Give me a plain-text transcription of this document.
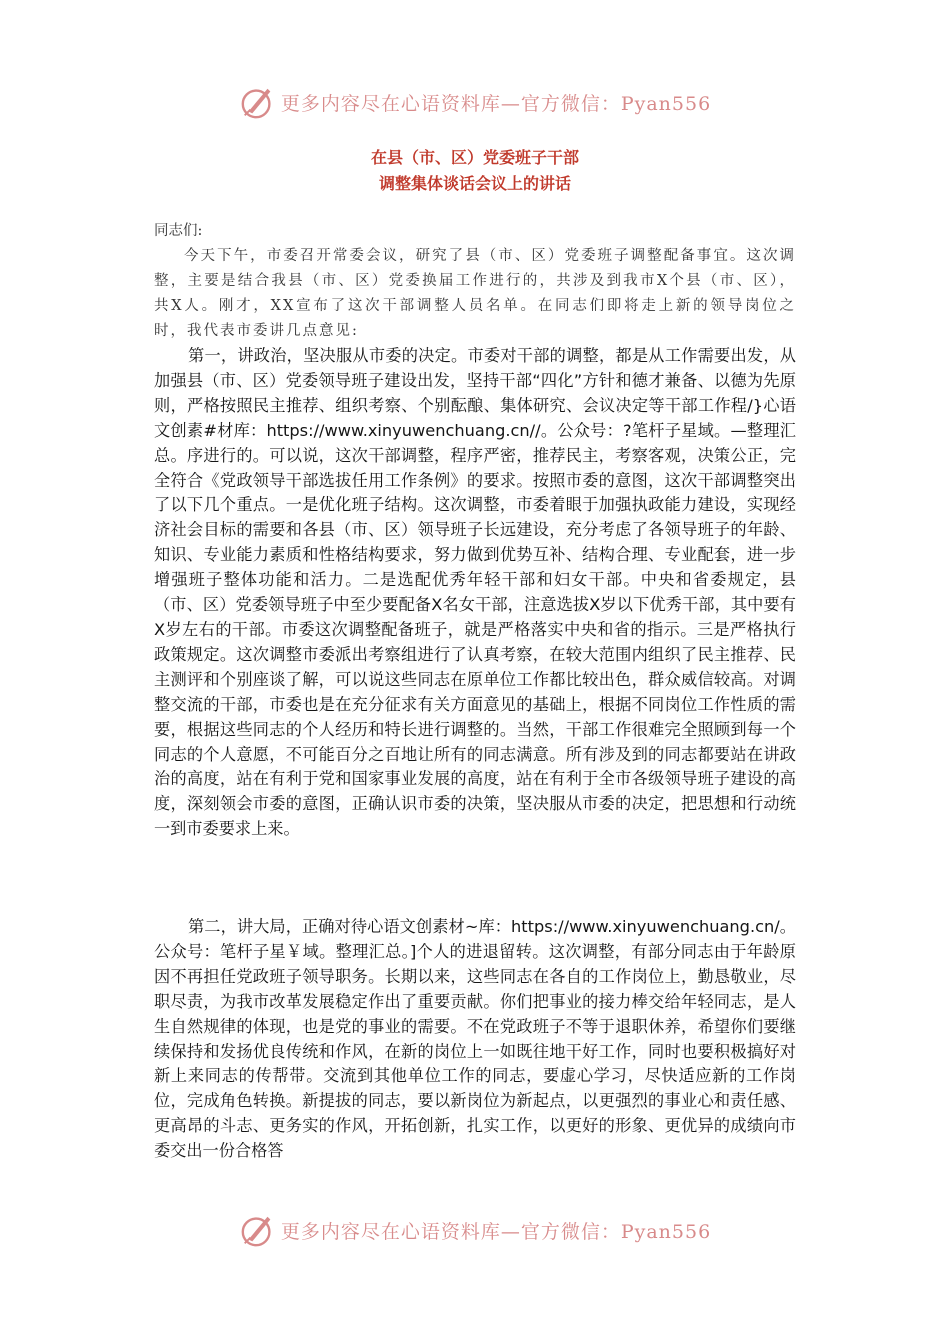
更多内容尽在心语资料库—官方微信：Pyan556
在县（市、区）党委班子干部
调整集体谈话会议上的讲话
同志们:
今天下午，市委召开常委会议，研究了县（市、区）党委班子调整配备事宜。这次调整，主要是结合我县（市、区）党委换届工作进行的，共涉及到我市X个县（市、区），共X人。刚才，XX宣布了这次干部调整人员名单。在同志们即将走上新的领导岗位之时，我代表市委讲几点意见:
第一，讲政治，坚决服从市委的决定。市委对干部的调整，都是从工作需要出发，从加强县（市、区）党委领导班子建设出发，坚持干部“四化”方针和德才兼备、以德为先原则，严格按照民主推荐、组织考察、个别酝酿、集体研究、会议决定等干部工作程/}心语文创素#材库：https://www.xinyuwenchuang.cn//。公众号：?笔杆子星域。—整理汇总。序进行的。可以说，这次干部调整，程序严密，推荐民主，考察客观，决策公正，完全符合《党政领导干部选拔任用工作条例》的要求。按照市委的意图，这次干部调整突出了以下几个重点。一是优化班子结构。这次调整，市委着眼于加强执政能力建设，实现经济社会目标的需要和各县（市、区）领导班子长远建设，充分考虑了各领导班子的年龄、知识、专业能力素质和性格结构要求，努力做到优势互补、结构合理、专业配套，进一步增强班子整体功能和活力。二是选配优秀年轻干部和妇女干部。中央和省委规定，县（市、区）党委领导班子中至少要配备X名女干部，注意选拔X岁以下优秀干部，其中要有X岁左右的干部。市委这次调整配备班子，就是严格落实中央和省的指示。三是严格执行政策规定。这次调整市委派出考察组进行了认真考察，在较大范围内组织了民主推荐、民主测评和个别座谈了解，可以说这些同志在原单位工作都比较出色，群众威信较高。对调整交流的干部，市委也是在充分征求有关方面意见的基础上，根据不同岗位工作性质的需要，根据这些同志的个人经历和特长进行调整的。当然，干部工作很难完全照顾到每一个同志的个人意愿，不可能百分之百地让所有的同志满意。所有涉及到的同志都要站在讲政治的高度，站在有利于党和国家事业发展的高度，站在有利于全市各级领导班子建设的高度，深刻领会市委的意图，正确认识市委的决策，坚决服从市委的决定，把思想和行动统一到市委要求上来。
第二，讲大局，正确对待心语文创素材~库：https://www.xinyuwenchuang.cn/。公众号：笔杆子星￥域。整理汇总。]个人的进退留转。这次调整，有部分同志由于年龄原因不再担任党政班子领导职务。长期以来，这些同志在各自的工作岗位上，勤恳敬业，尽职尽责，为我市改革发展稳定作出了重要贡献。你们把事业的接力棒交给年轻同志，是人生自然规律的体现，也是党的事业的需要。不在党政班子不等于退职休养，希望你们要继续保持和发扬优良传统和作风，在新的岗位上一如既往地干好工作，同时也要积极搞好对新上来同志的传帮带。交流到其他单位工作的同志，要虚心学习，尽快适应新的工作岗位，完成角色转换。新提拔的同志，要以新岗位为新起点，以更强烈的事业心和责任感、更高昂的斗志、更务实的作风，开拓创新，扎实工作，以更好的形象、更优异的成绩向市委交出一份合格答
更多内容尽在心语资料库—官方微信：Pyan556
